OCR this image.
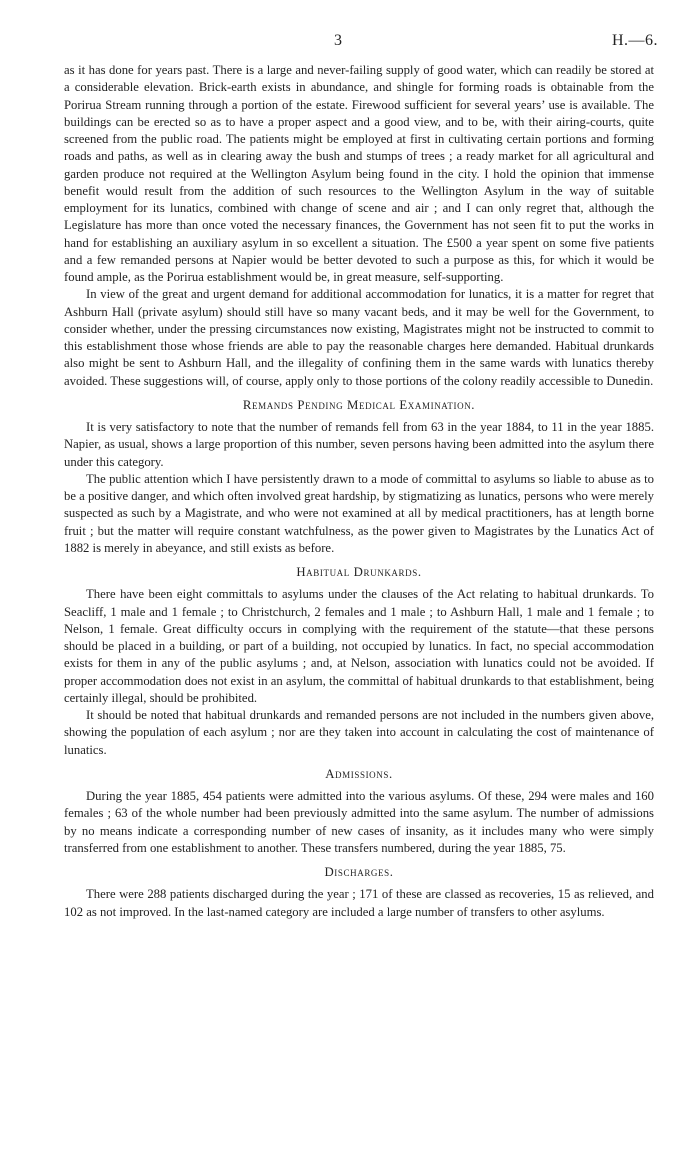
3	H.—6.

as it has done for years past. There is a large and never-failing supply of good water, which can readily be stored at a considerable elevation. Brick-earth exists in abundance, and shingle for forming roads is obtainable from the Porirua Stream running through a portion of the estate. Firewood sufficient for several years’ use is available. The buildings can be erected so as to have a proper aspect and a good view, and to be, with their airing-courts, quite screened from the public road. The patients might be employed at first in cultivating certain portions and forming roads and paths, as well as in clearing away the bush and stumps of trees ; a ready market for all agricultural and garden produce not required at the Wellington Asylum being found in the city. I hold the opinion that immense benefit would result from the addition of such resources to the Wellington Asylum in the way of suitable employment for its lunatics, combined with change of scene and air ; and I can only regret that, although the Legislature has more than once voted the necessary finances, the Government has not seen fit to put the works in hand for establishing an auxiliary asylum in so excellent a situation. The £500 a year spent on some five patients and a few remanded persons at Napier would be better devoted to such a purpose as this, for which it would be found ample, as the Porirua establishment would be, in great measure, self-supporting.

In view of the great and urgent demand for additional accommodation for lunatics, it is a matter for regret that Ashburn Hall (private asylum) should still have so many vacant beds, and it may be well for the Government, to consider whether, under the pressing circumstances now existing, Magistrates might not be instructed to commit to this establishment those whose friends are able to pay the reasonable charges here demanded. Habitual drunkards also might be sent to Ashburn Hall, and the illegality of confining them in the same wards with lunatics thereby avoided. These suggestions will, of course, apply only to those portions of the colony readily accessible to Dunedin.

Remands Pending Medical Examination.

It is very satisfactory to note that the number of remands fell from 63 in the year 1884, to 11 in the year 1885. Napier, as usual, shows a large proportion of this number, seven persons having been admitted into the asylum there under this category.

The public attention which I have persistently drawn to a mode of committal to asylums so liable to abuse as to be a positive danger, and which often involved great hardship, by stigmatizing as lunatics, persons who were merely suspected as such by a Magistrate, and who were not examined at all by medical practitioners, has at length borne fruit ; but the matter will require constant watchfulness, as the power given to Magistrates by the Lunatics Act of 1882 is merely in abeyance, and still exists as before.

Habitual Drunkards.

There have been eight committals to asylums under the clauses of the Act relating to habitual drunkards. To Seacliff, 1 male and 1 female ; to Christchurch, 2 females and 1 male ; to Ashburn Hall, 1 male and 1 female ; to Nelson, 1 female. Great difficulty occurs in complying with the requirement of the statute—that these persons should be placed in a building, or part of a building, not occupied by lunatics. In fact, no special accommodation exists for them in any of the public asylums ; and, at Nelson, association with lunatics could not be avoided. If proper accommodation does not exist in an asylum, the committal of habitual drunkards to that establishment, being certainly illegal, should be prohibited.

It should be noted that habitual drunkards and remanded persons are not included in the numbers given above, showing the population of each asylum ; nor are they taken into account in calculating the cost of maintenance of lunatics.

Admissions.

During the year 1885, 454 patients were admitted into the various asylums. Of these, 294 were males and 160 females ; 63 of the whole number had been previously admitted into the same asylum. The number of admissions by no means indicate a corresponding number of new cases of insanity, as it includes many who were simply transferred from one establishment to another. These transfers numbered, during the year 1885, 75.

Discharges.

There were 288 patients discharged during the year ; 171 of these are classed as recoveries, 15 as relieved, and 102 as not improved. In the last-named category are included a large number of transfers to other asylums.
